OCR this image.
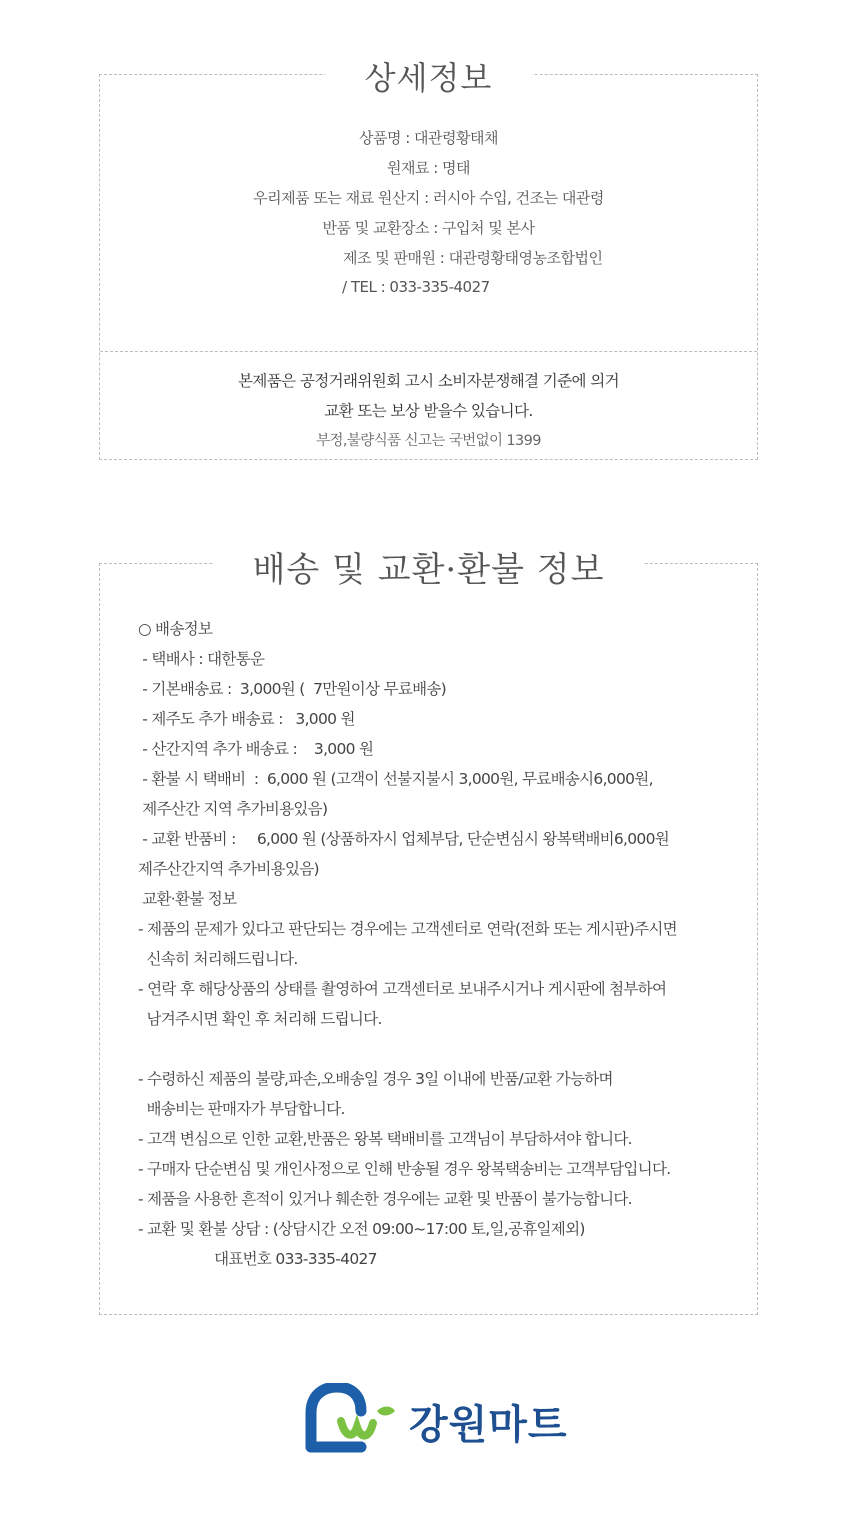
상세정보
상품명 : 대관령황태채
원재료 : 명태
우리제품 또는 재료 원산지 : 러시아 수입, 건조는 대관령
반품 및 교환장소 : 구입처 및 본사
제조 및 판매원 : 대관령황태영농조합법인
/ TEL : 033-335-4027
본제품은 공정거래위원회 고시 소비자분쟁해결 기준에 의거
교환 또는 보상 받을수 있습니다.
부정,불량식품 신고는 국번없이 1399
배송 및 교환·환불 정보
○ 배송정보
- 택배사 : 대한통운
- 기본배송료 :  3,000원 (  7만원이상 무료배송)
- 제주도 추가 배송료 :   3,000 원
- 산간지역 추가 배송료 :    3,000 원
- 환불 시 택배비  :  6,000 원 (고객이 선불지불시 3,000원, 무료배송시6,000원,
제주산간 지역 추가비용있음)
- 교환 반품비 :     6,000 원 (상품하자시 업체부담, 단순변심시 왕복택배비6,000원
제주산간지역 추가비용있음)
교환·환불 정보
- 제품의 문제가 있다고 판단되는 경우에는 고객센터로 연락(전화 또는 게시판)주시면
신속히 처리해드립니다.
- 연락 후 해당상품의 상태를 촬영하여 고객센터로 보내주시거나 게시판에 첨부하여
남겨주시면 확인 후 처리해 드립니다.
- 수령하신 제품의 불량,파손,오배송일 경우 3일 이내에 반품/교환 가능하며
배송비는 판매자가 부담합니다.
- 고객 변심으로 인한 교환,반품은 왕복 택배비를 고객님이 부담하셔야 합니다.
- 구매자 단순변심 및 개인사정으로 인해 반송될 경우 왕복택송비는 고객부담입니다.
- 제품을 사용한 흔적이 있거나 훼손한 경우에는 교환 및 반품이 불가능합니다.
- 교환 및 환불 상담 : (상담시간 오전 09:00~17:00 토,일,공휴일제외)
대표번호 033-335-4027
강원마트
